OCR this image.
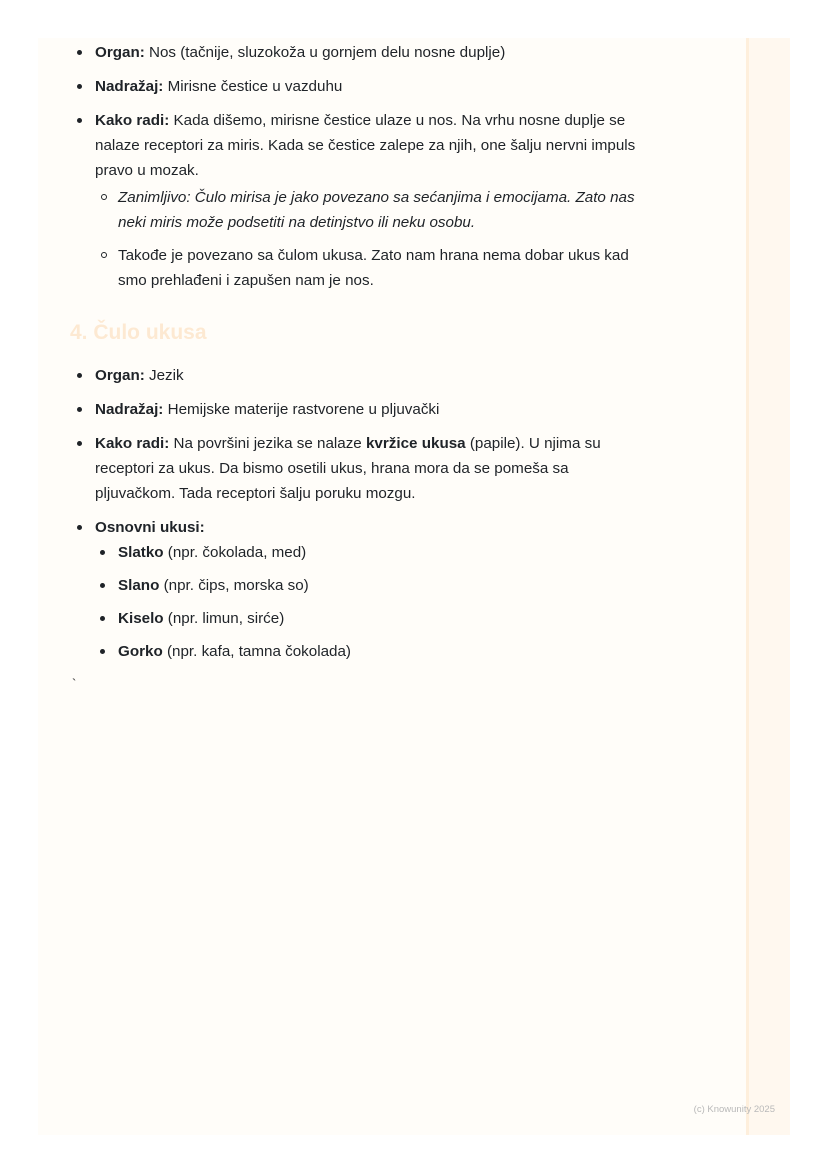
Organ: Nos (tačnije, sluzokoža u gornjem delu nosne duplje)
Nadražaj: Mirisne čestice u vazduhu
Kako radi: Kada dišemo, mirisne čestice ulaze u nos. Na vrhu nosne duplje se nalaze receptori za miris. Kada se čestice zalepe za njih, one šalju nervni impuls pravo u mozak.
Zanimljivo: Čulo mirisa je jako povezano sa sećanjima i emocijama. Zato nas neki miris može podsetiti na detinjstvo ili neku osobu.
Takođe je povezano sa čulom ukusa. Zato nam hrana nema dobar ukus kad smo prehlađeni i zapušen nam je nos.
4. Čulo ukusa
Organ: Jezik
Nadražaj: Hemijske materije rastvorene u pljuvački
Kako radi: Na površini jezika se nalaze kvržice ukusa (papile). U njima su receptori za ukus. Da bismo osetili ukus, hrana mora da se pomeša sa pljuvačkom. Tada receptori šalju poruku mozgu.
Osnovni ukusi:
Slatko (npr. čokolada, med)
Slano (npr. čips, morska so)
Kiselo (npr. limun, sirće)
Gorko (npr. kafa, tamna čokolada)
`
(c) Knowunity 2025
